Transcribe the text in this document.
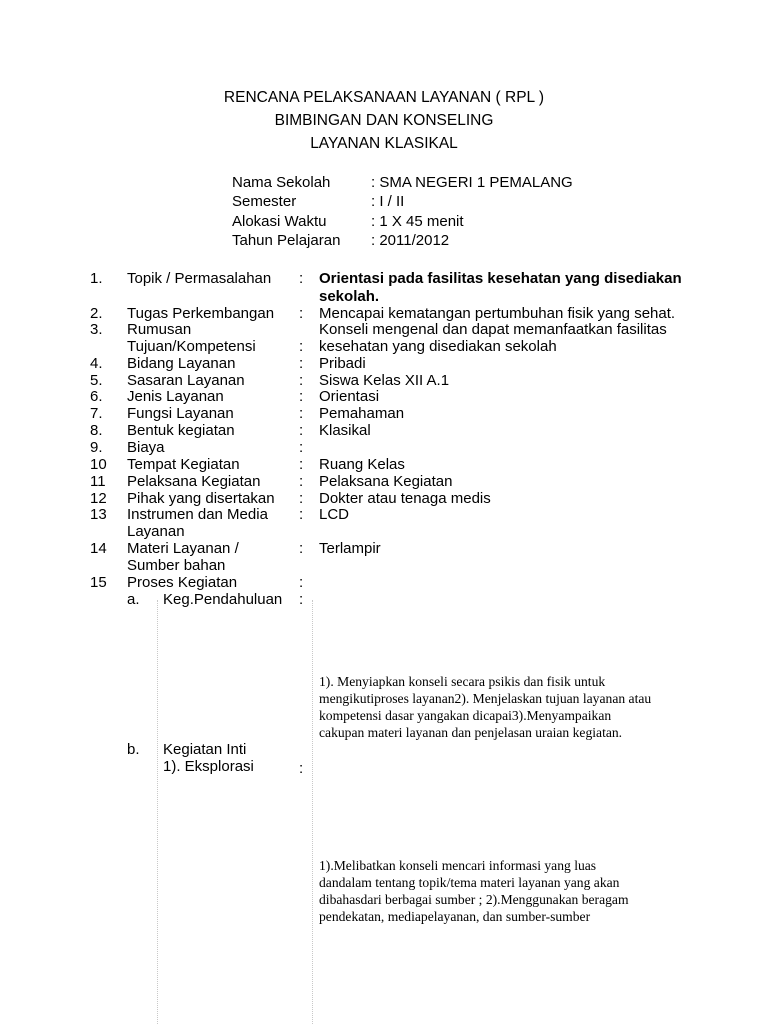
RENCANA PELAKSANAAN LAYANAN ( RPL )
BIMBINGAN DAN KONSELING
LAYANAN KLASIKAL
Nama Sekolah	: SMA NEGERI 1 PEMALANG
Semester	: I / II
Alokasi Waktu	: 1 X 45 menit
Tahun Pelajaran : 2011/2012
1. Topik / Permasalahan : Orientasi pada fasilitas kesehatan yang disediakan
sekolah.
2. Tugas Perkembangan : Mencapai kematangan pertumbuhan fisik yang sehat.
3. Rumusan
Tujuan/Kompetensi	:
Konseli mengenal dan dapat memanfaatkan fasilitas
kesehatan yang disediakan sekolah
4. Bidang Layanan	: Pribadi
5. Sasaran Layanan	: Siswa Kelas XII A.1
6. Jenis Layanan	: Orientasi
7. Fungsi Layanan	: Pemahaman
8. Bentuk kegiatan	: Klasikal
9. Biaya	:
10 Tempat Kegiatan	: Ruang Kelas
11 Pelaksana Kegiatan	: Pelaksana Kegiatan
12 Pihak yang disertakan : Dokter atau tenaga medis
13 Instrumen dan Media
Layanan
: LCD
14 Materi Layanan /
Sumber bahan
: Terlampir
15 Proses Kegiatan	:
a. Keg.Pendahuluan :
1). Menyiapkan konseli secara psikis dan fisik untuk
mengikutiproses layanan2). Menjelaskan tujuan layanan atau
kompetensi dasar yangakan dicapai3).Menyampaikan
cakupan materi layanan dan penjelasan uraian kegiatan.
b. Kegiatan Inti
1). Eksplorasi	:
1).Melibatkan konseli mencari informasi yang luas
dandalam tentang topik/tema materi layanan yang akan
dibahasdari berbagai sumber ; 2).Menggunakan beragam
pendekatan, mediapelayanan, dan sumber-sumber
